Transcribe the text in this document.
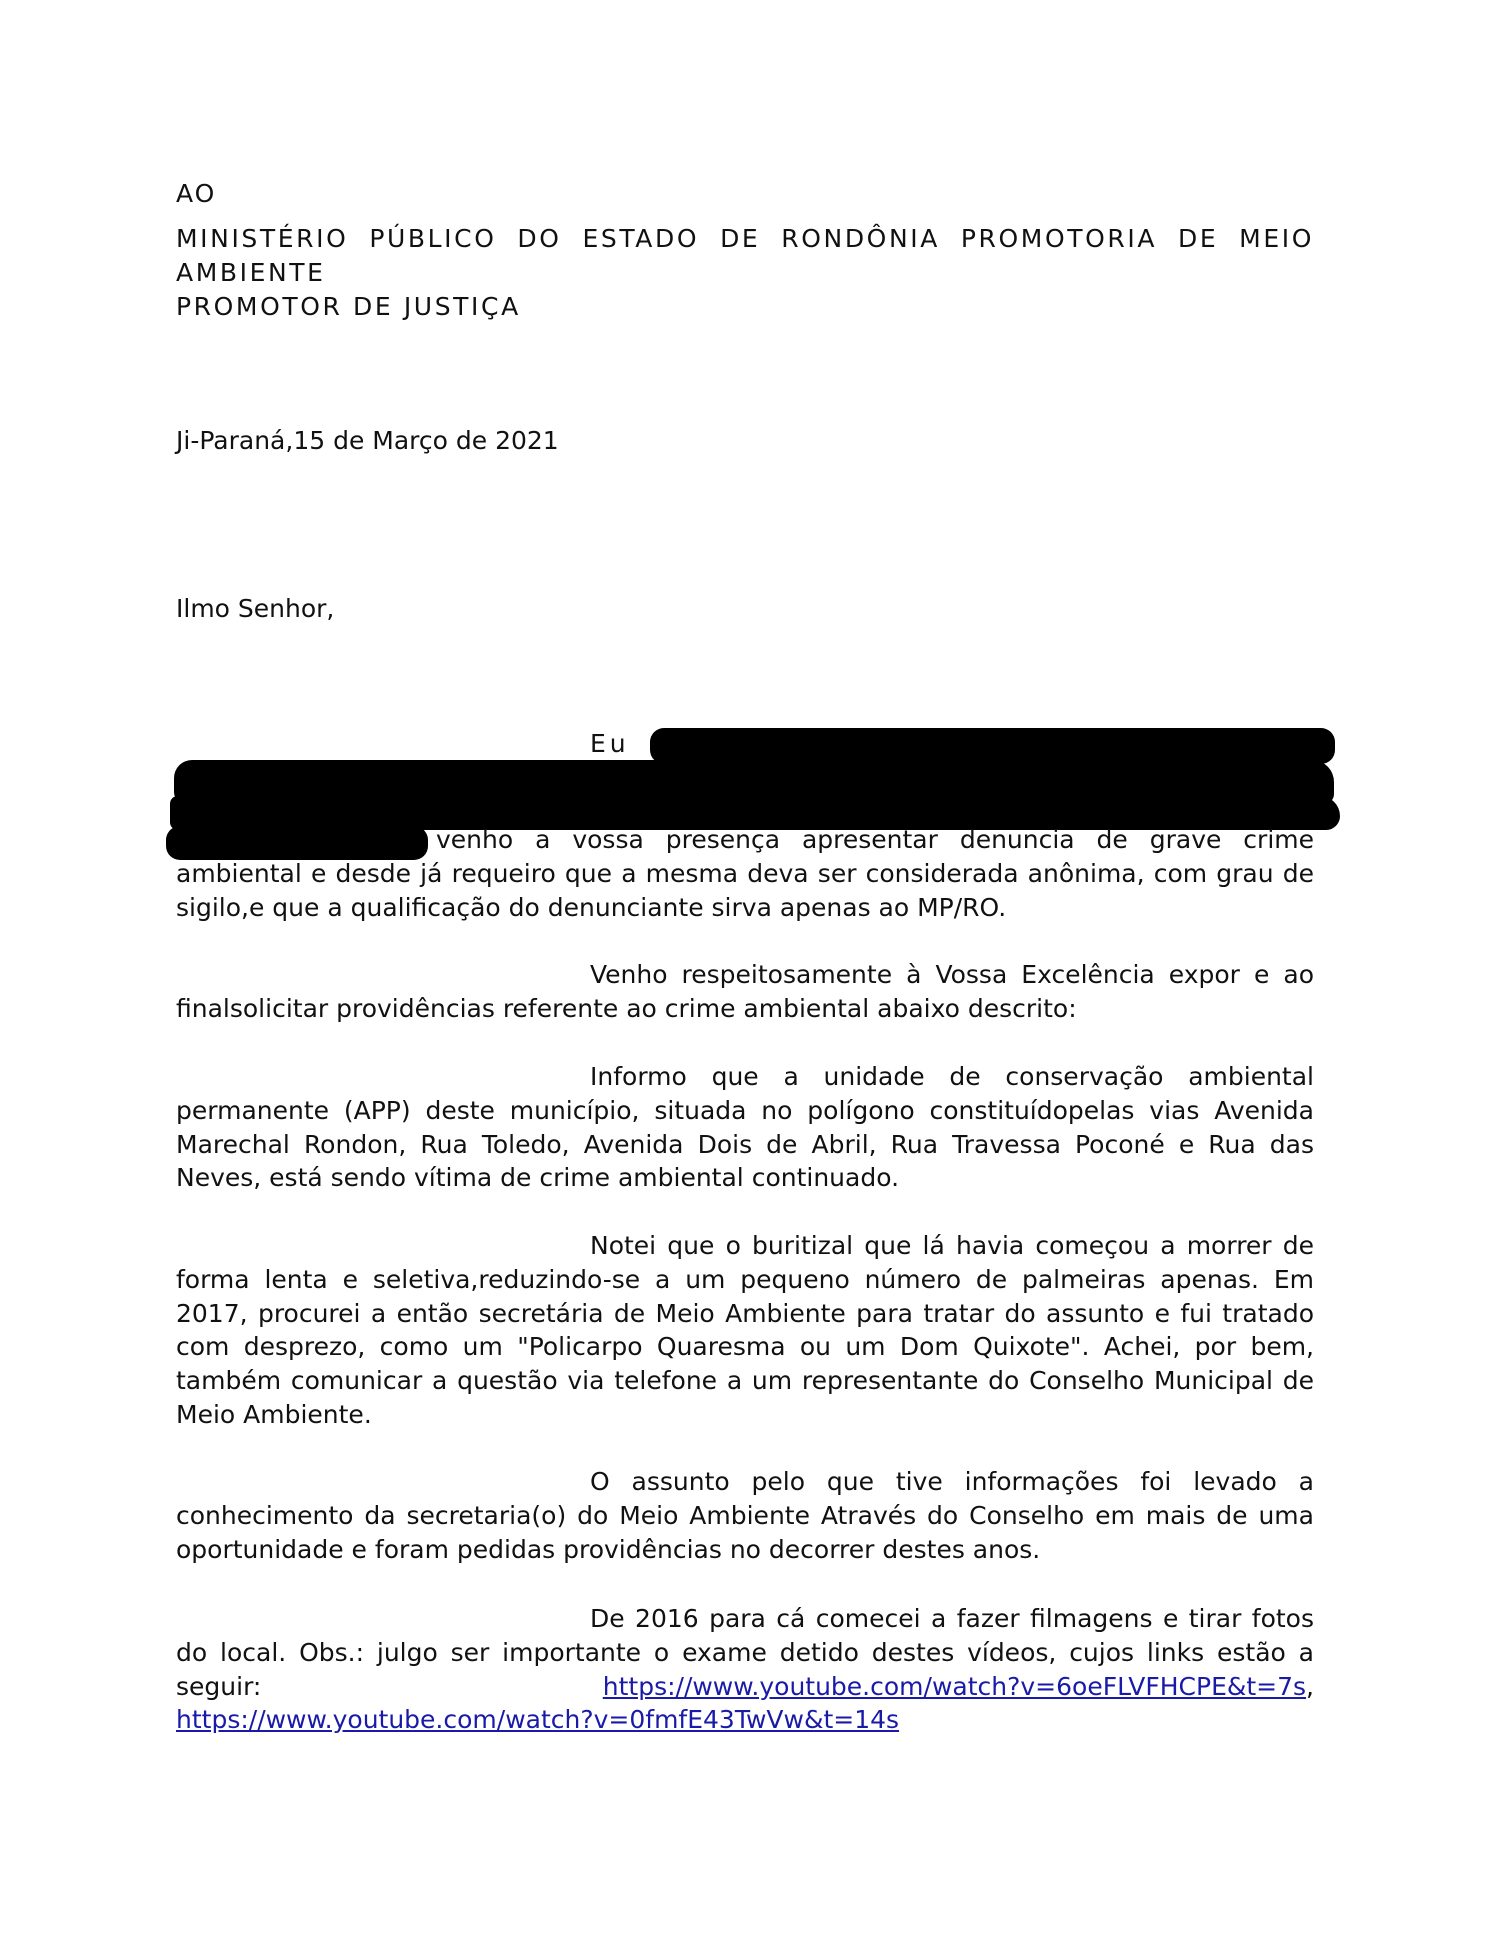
AO

MINISTÉRIO PÚBLICO DO ESTADO DE RONDÔNIA PROMOTORIA DE MEIO
AMBIENTE
PROMOTOR DE JUSTIÇA

Ji-Paraná,15 de Março de 2021

Ilmo Senhor,

Eu

venho a vossa presença apresentar denuncia de grave crime ambiental e desde já requeiro que a mesma deva ser considerada anônima, com grau de sigilo,e que a qualificação do denunciante sirva apenas ao MP/RO.

Venho respeitosamente à Vossa Excelência expor e ao finalsolicitar providências referente ao crime ambiental abaixo descrito:

Informo que a unidade de conservação ambiental permanente (APP) deste município, situada no polígono constituídopelas vias Avenida Marechal Rondon, Rua Toledo, Avenida Dois de Abril, Rua Travessa Poconé e Rua das Neves, está sendo vítima de crime ambiental continuado.

Notei que o buritizal que lá havia começou a morrer de forma lenta e seletiva,reduzindo-se a um pequeno número de palmeiras apenas. Em 2017, procurei a então secretária de Meio Ambiente para tratar do assunto e fui tratado com desprezo, como um "Policarpo Quaresma ou um Dom Quixote". Achei, por bem, também comunicar a questão via telefone a um representante do Conselho Municipal de Meio Ambiente.

O assunto pelo que tive informações foi levado a conhecimento da secretaria(o) do Meio Ambiente Através do Conselho em mais de uma oportunidade e foram pedidas providências no decorrer destes anos.

De 2016 para cá comecei a fazer filmagens e tirar fotos do local. Obs.: julgo ser importante o exame detido destes vídeos, cujos links estão a seguir:	https://www.youtube.com/watch?v=6oeFLVFHCPE&t=7s, https://www.youtube.com/watch?v=0fmfE43TwVw&t=14s
